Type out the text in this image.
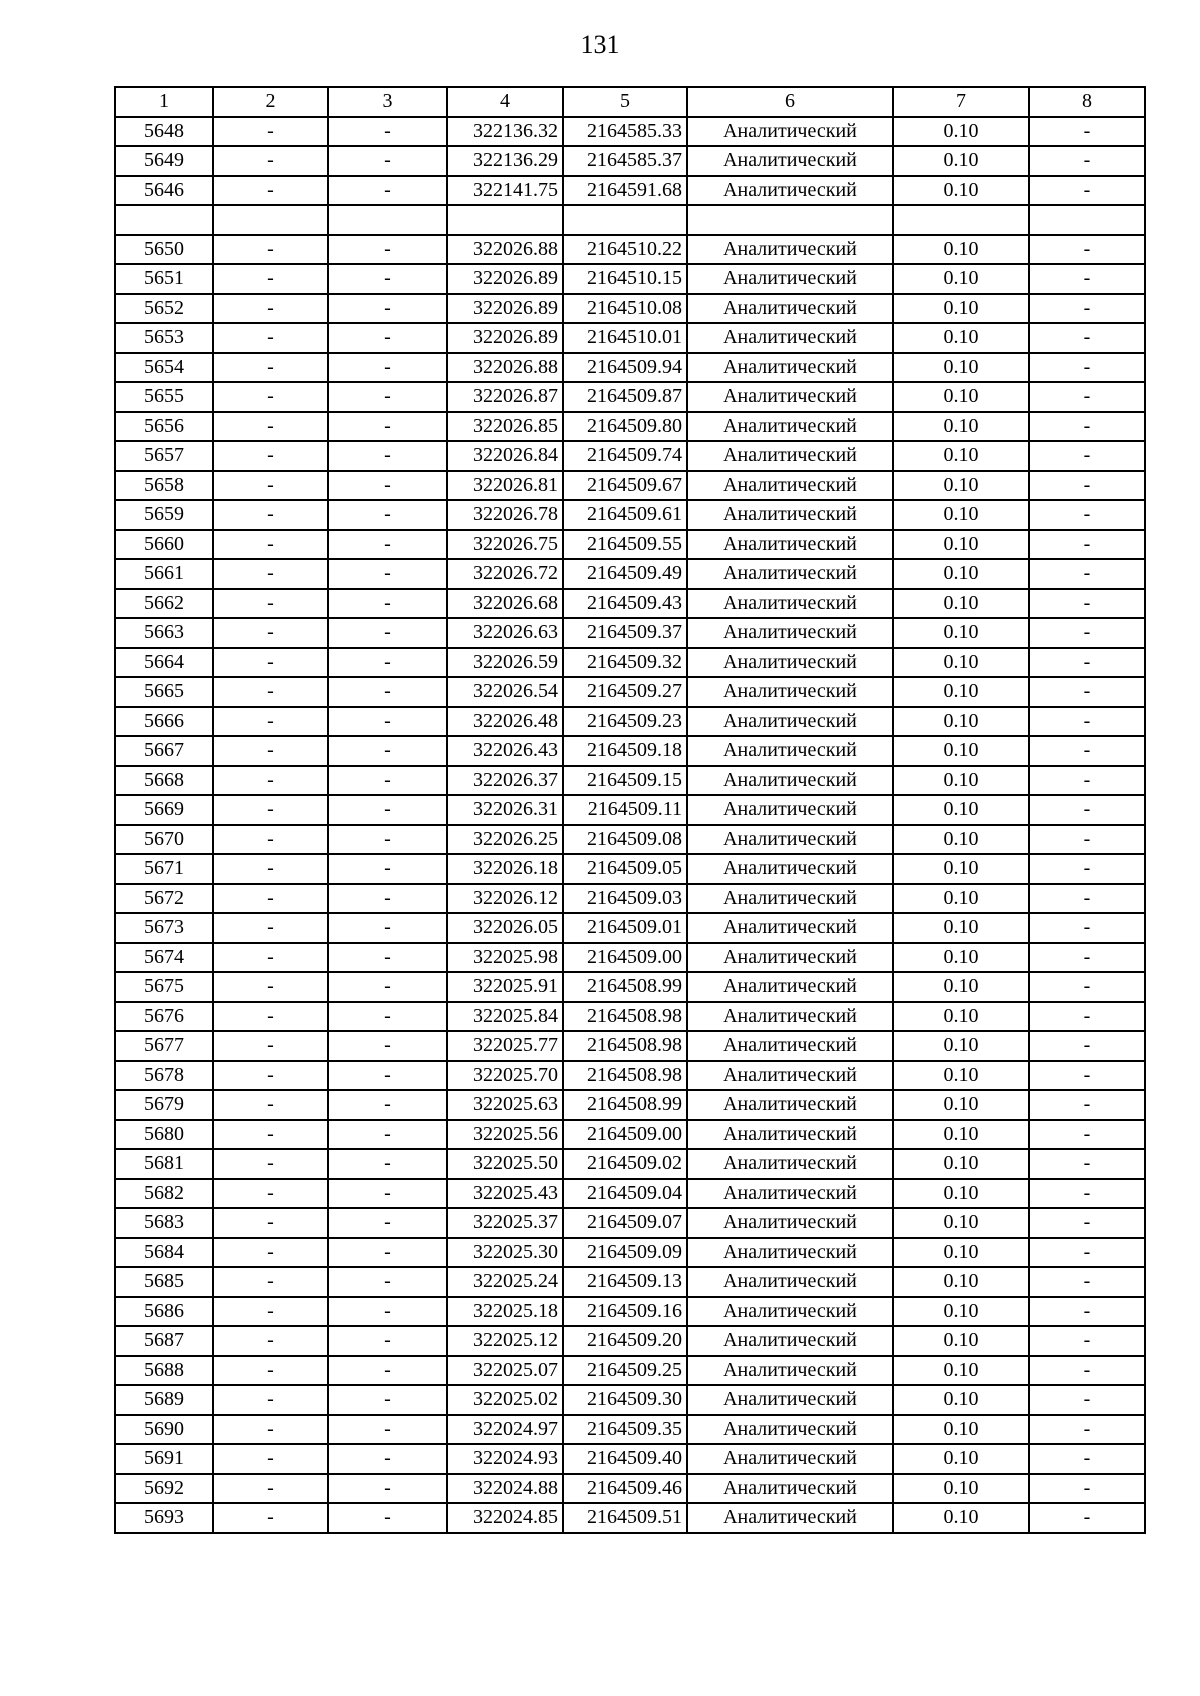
131
1	2	3	4	5	6	7	8
5648	-	-	322136.32	2164585.33	Аналитический	0.10	-
5649	-	-	322136.29	2164585.37	Аналитический	0.10	-
5646	-	-	322141.75	2164591.68	Аналитический	0.10	-

5650	-	-	322026.88	2164510.22	Аналитический	0.10	-
5651	-	-	322026.89	2164510.15	Аналитический	0.10	-
5652	-	-	322026.89	2164510.08	Аналитический	0.10	-
5653	-	-	322026.89	2164510.01	Аналитический	0.10	-
5654	-	-	322026.88	2164509.94	Аналитический	0.10	-
5655	-	-	322026.87	2164509.87	Аналитический	0.10	-
5656	-	-	322026.85	2164509.80	Аналитический	0.10	-
5657	-	-	322026.84	2164509.74	Аналитический	0.10	-
5658	-	-	322026.81	2164509.67	Аналитический	0.10	-
5659	-	-	322026.78	2164509.61	Аналитический	0.10	-
5660	-	-	322026.75	2164509.55	Аналитический	0.10	-
5661	-	-	322026.72	2164509.49	Аналитический	0.10	-
5662	-	-	322026.68	2164509.43	Аналитический	0.10	-
5663	-	-	322026.63	2164509.37	Аналитический	0.10	-
5664	-	-	322026.59	2164509.32	Аналитический	0.10	-
5665	-	-	322026.54	2164509.27	Аналитический	0.10	-
5666	-	-	322026.48	2164509.23	Аналитический	0.10	-
5667	-	-	322026.43	2164509.18	Аналитический	0.10	-
5668	-	-	322026.37	2164509.15	Аналитический	0.10	-
5669	-	-	322026.31	2164509.11	Аналитический	0.10	-
5670	-	-	322026.25	2164509.08	Аналитический	0.10	-
5671	-	-	322026.18	2164509.05	Аналитический	0.10	-
5672	-	-	322026.12	2164509.03	Аналитический	0.10	-
5673	-	-	322026.05	2164509.01	Аналитический	0.10	-
5674	-	-	322025.98	2164509.00	Аналитический	0.10	-
5675	-	-	322025.91	2164508.99	Аналитический	0.10	-
5676	-	-	322025.84	2164508.98	Аналитический	0.10	-
5677	-	-	322025.77	2164508.98	Аналитический	0.10	-
5678	-	-	322025.70	2164508.98	Аналитический	0.10	-
5679	-	-	322025.63	2164508.99	Аналитический	0.10	-
5680	-	-	322025.56	2164509.00	Аналитический	0.10	-
5681	-	-	322025.50	2164509.02	Аналитический	0.10	-
5682	-	-	322025.43	2164509.04	Аналитический	0.10	-
5683	-	-	322025.37	2164509.07	Аналитический	0.10	-
5684	-	-	322025.30	2164509.09	Аналитический	0.10	-
5685	-	-	322025.24	2164509.13	Аналитический	0.10	-
5686	-	-	322025.18	2164509.16	Аналитический	0.10	-
5687	-	-	322025.12	2164509.20	Аналитический	0.10	-
5688	-	-	322025.07	2164509.25	Аналитический	0.10	-
5689	-	-	322025.02	2164509.30	Аналитический	0.10	-
5690	-	-	322024.97	2164509.35	Аналитический	0.10	-
5691	-	-	322024.93	2164509.40	Аналитический	0.10	-
5692	-	-	322024.88	2164509.46	Аналитический	0.10	-
5693	-	-	322024.85	2164509.51	Аналитический	0.10	-
